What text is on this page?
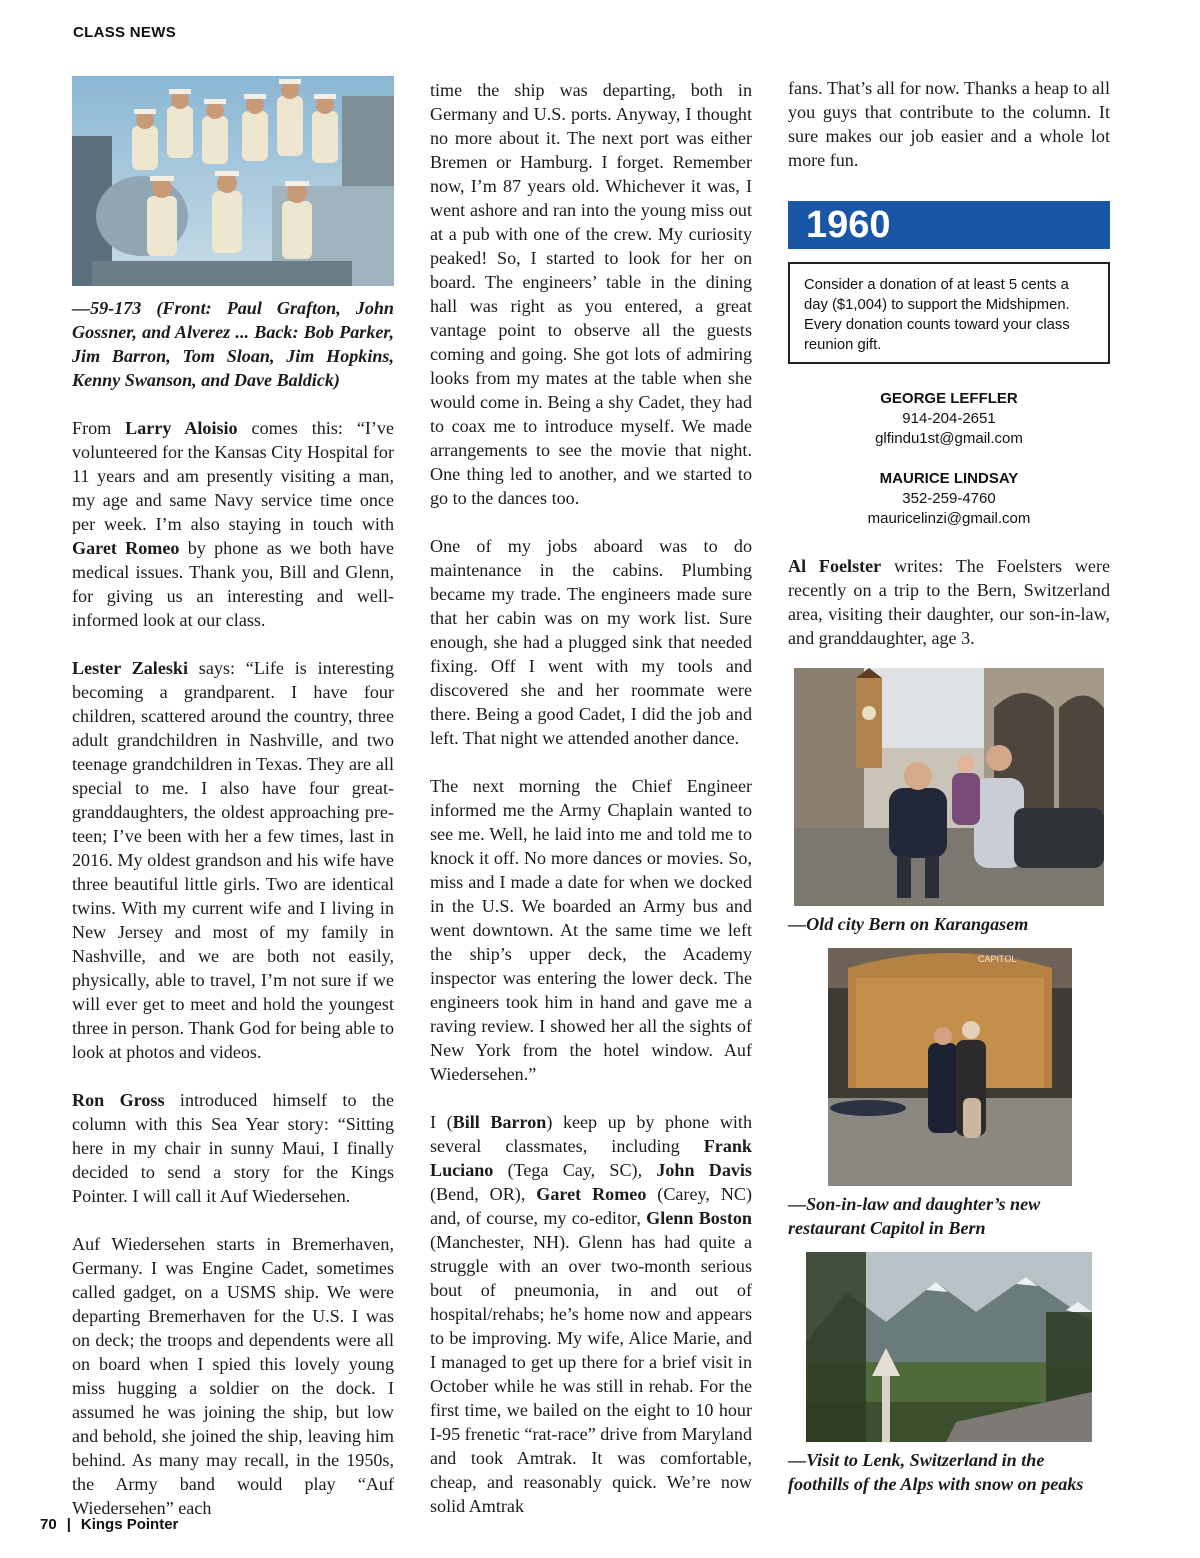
CLASS NEWS
—59-173 (Front: Paul Grafton, John Gossner, and Alverez ... Back: Bob Parker, Jim Barron, Tom Sloan, Jim Hopkins, Kenny Swanson, and Dave Baldick)

From Larry Aloisio comes this: “I’ve volunteered for the Kansas City Hospital for 11 years and am presently visiting a man, my age and same Navy service time once per week. I’m also staying in touch with Garet Romeo by phone as we both have medical issues. Thank you, Bill and Glenn, for giving us an interesting and well-informed look at our class.

Lester Zaleski says: “Life is interesting becoming a grandparent. I have four children, scattered around the country, three adult grandchildren in Nashville, and two teenage grandchildren in Texas. They are all special to me. I also have four great-granddaughters, the oldest approaching pre-teen; I’ve been with her a few times, last in 2016. My oldest grandson and his wife have three beautiful little girls. Two are identical twins. With my current wife and I living in New Jersey and most of my family in Nashville, and we are both not easily, physically, able to travel, I’m not sure if we will ever get to meet and hold the youngest three in person. Thank God for being able to look at photos and videos.

Ron Gross introduced himself to the column with this Sea Year story: “Sitting here in my chair in sunny Maui, I finally decided to send a story for the Kings Pointer. I will call it Auf Wiedersehen.

Auf Wiedersehen starts in Bremerhaven, Germany. I was Engine Cadet, sometimes called gadget, on a USMS ship. We were departing Bremerhaven for the U.S. I was on deck; the troops and dependents were all on board when I spied this lovely young miss hugging a soldier on the dock. I assumed he was joining the ship, but low and behold, she joined the ship, leaving him behind. As many may recall, in the 1950s, the Army band would play “Auf Wiedersehen” each

time the ship was departing, both in Germany and U.S. ports. Anyway, I thought no more about it. The next port was either Bremen or Hamburg. I forget. Remember now, I’m 87 years old. Whichever it was, I went ashore and ran into the young miss out at a pub with one of the crew. My curiosity peaked! So, I started to look for her on board. The engineers’ table in the dining hall was right as you entered, a great vantage point to observe all the guests coming and going. She got lots of admiring looks from my mates at the table when she would come in. Being a shy Cadet, they had to coax me to introduce myself. We made arrangements to see the movie that night. One thing led to another, and we started to go to the dances too.

One of my jobs aboard was to do maintenance in the cabins. Plumbing became my trade. The engineers made sure that her cabin was on my work list. Sure enough, she had a plugged sink that needed fixing. Off I went with my tools and discovered she and her roommate were there. Being a good Cadet, I did the job and left. That night we attended another dance.

The next morning the Chief Engineer informed me the Army Chaplain wanted to see me. Well, he laid into me and told me to knock it off. No more dances or movies. So, miss and I made a date for when we docked in the U.S. We boarded an Army bus and went downtown. At the same time we left the ship’s upper deck, the Academy inspector was entering the lower deck. The engineers took him in hand and gave me a raving review. I showed her all the sights of New York from the hotel window. Auf Wiedersehen.”

I (Bill Barron) keep up by phone with several classmates, including Frank Luciano (Tega Cay, SC), John Davis (Bend, OR), Garet Romeo (Carey, NC) and, of course, my co-editor, Glenn Boston (Manchester, NH). Glenn has had quite a struggle with an over two-month serious bout of pneumonia, in and out of hospital/rehabs; he’s home now and appears to be improving. My wife, Alice Marie, and I managed to get up there for a brief visit in October while he was still in rehab. For the first time, we bailed on the eight to 10 hour I-95 frenetic “rat-race” drive from Maryland and took Amtrak. It was comfortable, cheap, and reasonably quick. We’re now solid Amtrak

fans. That’s all for now. Thanks a heap to all you guys that contribute to the column. It sure makes our job easier and a whole lot more fun.

1960
Consider a donation of at least 5 cents a day ($1,004) to support the Midshipmen. Every donation counts toward your class reunion gift.
GEORGE LEFFLER
914-204-2651
glfindu1st@gmail.com
MAURICE LINDSAY
352-259-4760
mauricelinzi@gmail.com

Al Foelster writes: The Foelsters were recently on a trip to the Bern, Switzerland area, visiting their daughter, our son-in-law, and granddaughter, age 3.

—Old city Bern on Karangasem
CAPITOL
—Son-in-law and daughter’s new restaurant Capitol in Bern
—Visit to Lenk, Switzerland in the foothills of the Alps with snow on peaks
70 | Kings Pointer
